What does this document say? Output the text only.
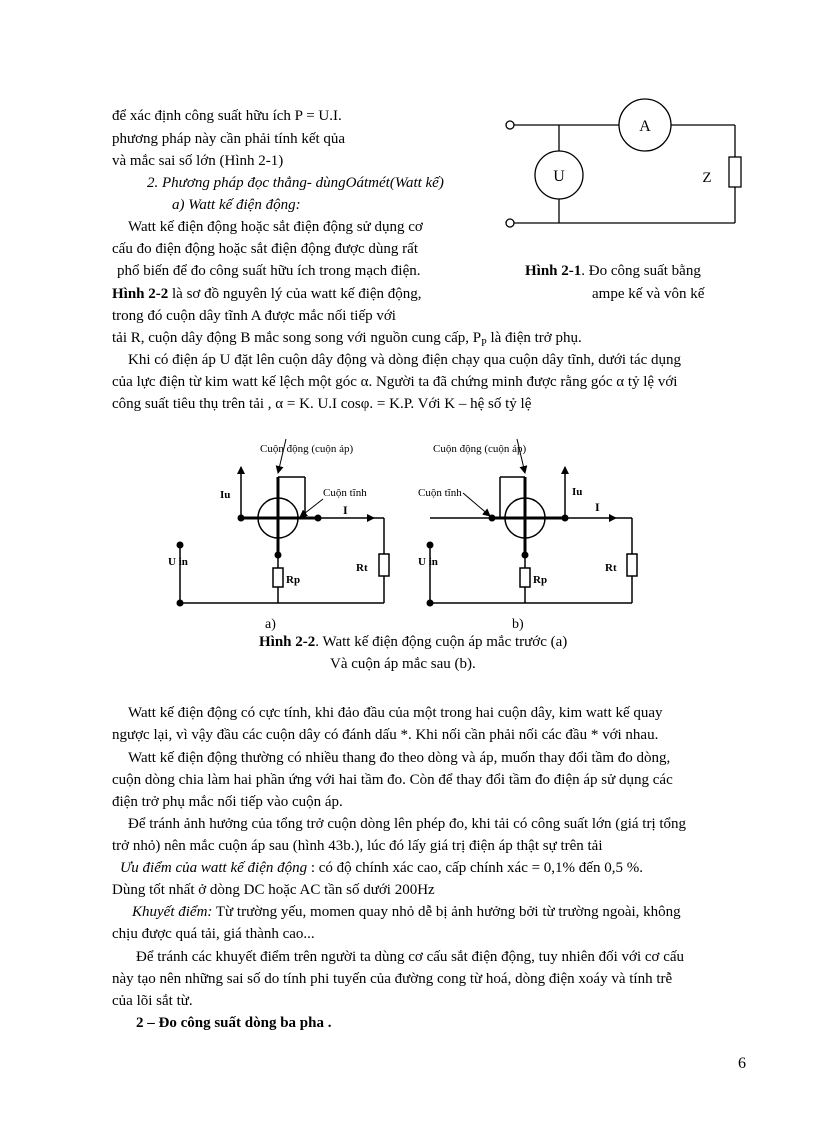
để xác định công suất hữu ích P = U.I.
phương pháp này cần phải tính kết qủa
và mắc sai số lớn (Hình 2-1)
2. Phương pháp đọc thẳng- dùngOátmét(Watt kế)
a) Watt kế điện động:
Watt kế điện động hoặc sắt điện động sử dụng cơ
cấu đo điện động hoặc sắt điện động được dùng rất
phổ biến để đo công suất hữu ích trong mạch điện.
Hình 2-2 là sơ đồ nguyên lý của watt kế điện động,
trong đó cuộn dây tĩnh A được mắc nối tiếp với
tải R, cuộn dây động B mắc song song với nguồn cung cấp, $P_P$ là điện trở phụ.
A
U	Z
Hình 2-1. Đo công suất bằng
ampe kế và vôn kế
Khi có điện áp U đặt lên cuộn dây động và dòng điện chạy qua cuộn dây tĩnh, dưới tác dụng
của lực điện từ kim watt kế lệch một góc α. Người ta đã chứng minh được rằng góc α tỷ lệ với
công suất tiêu thụ trên tải , α = K. U.I cosφ. = K.P. Với K – hệ số tỷ lệ
Cuộn động (cuộn áp)
Cuộn tĩnh
Iu
I
U in
Rp
Rt
a)
Cuộn động (cuộn áp)
Cuộn tĩnh	Iu
I
U in
Rp
Rt
b)
Hình 2-2. Watt kế điện động cuộn áp mắc trước (a)
Và cuộn áp mắc sau (b).
Watt kế điện động có cực tính, khi đảo đầu của một trong hai cuộn dây, kim watt kế quay
ngược lại, vì vậy đầu các cuộn dây có đánh dấu *. Khi nối cần phải nối các đầu * với nhau.
Watt kế điện động thường có nhiều thang đo theo dòng và áp, muốn thay đổi tầm đo dòng,
cuộn dòng chia làm hai phần ứng với hai tầm đo. Còn để thay đổi tầm đo điện áp sử dụng các
điện trở phụ mắc nối tiếp vào cuộn áp.
Để tránh ảnh hưởng của tổng trở cuộn dòng lên phép đo, khi tải có công suất lớn (giá trị tổng
trở nhỏ) nên mắc cuộn áp sau (hình 43b.), lúc đó lấy giá trị điện áp thật sự trên tải
Ưu điểm của watt kế điện động : có độ chính xác cao, cấp chính xác = 0,1% đến 0,5 %.
Dùng tốt nhất ở dòng DC hoặc AC tần số dưới 200Hz
Khuyết điểm: Từ trường yếu, momen quay nhỏ dễ bị ảnh hưởng bởi từ trường ngoài, không
chịu được quá tải, giá thành cao...
Để tránh các khuyết điểm trên người ta dùng cơ cấu sắt điện động, tuy nhiên đối với cơ cấu
này tạo nên những sai số do tính phi tuyến của đường cong từ hoá, dòng điện xoáy và tính trễ
của lõi sắt từ.
2 – Đo công suất dòng ba pha .
6
